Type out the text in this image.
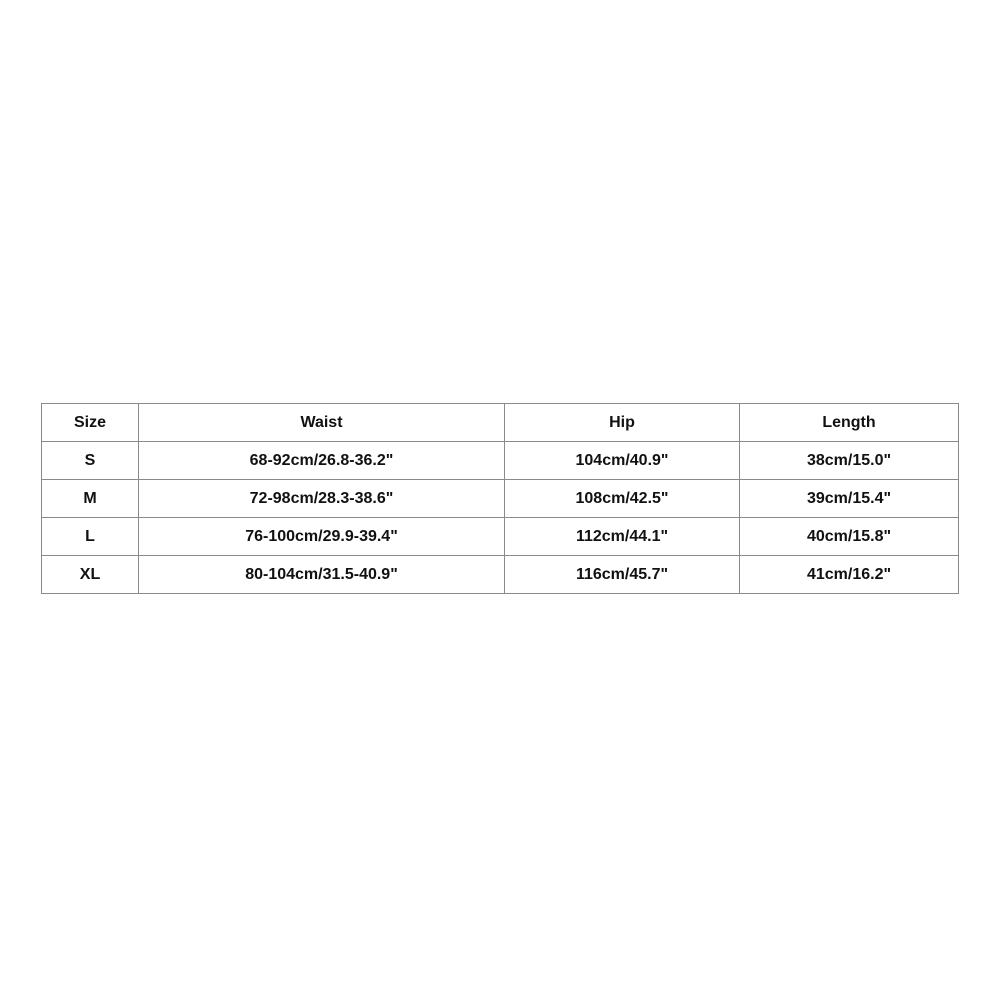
Size	Waist	Hip	Length
S	68-92cm/26.8-36.2"	104cm/40.9"	38cm/15.0"
M	72-98cm/28.3-38.6"	108cm/42.5"	39cm/15.4"
L	76-100cm/29.9-39.4"	112cm/44.1"	40cm/15.8"
XL	80-104cm/31.5-40.9"	116cm/45.7"	41cm/16.2"
